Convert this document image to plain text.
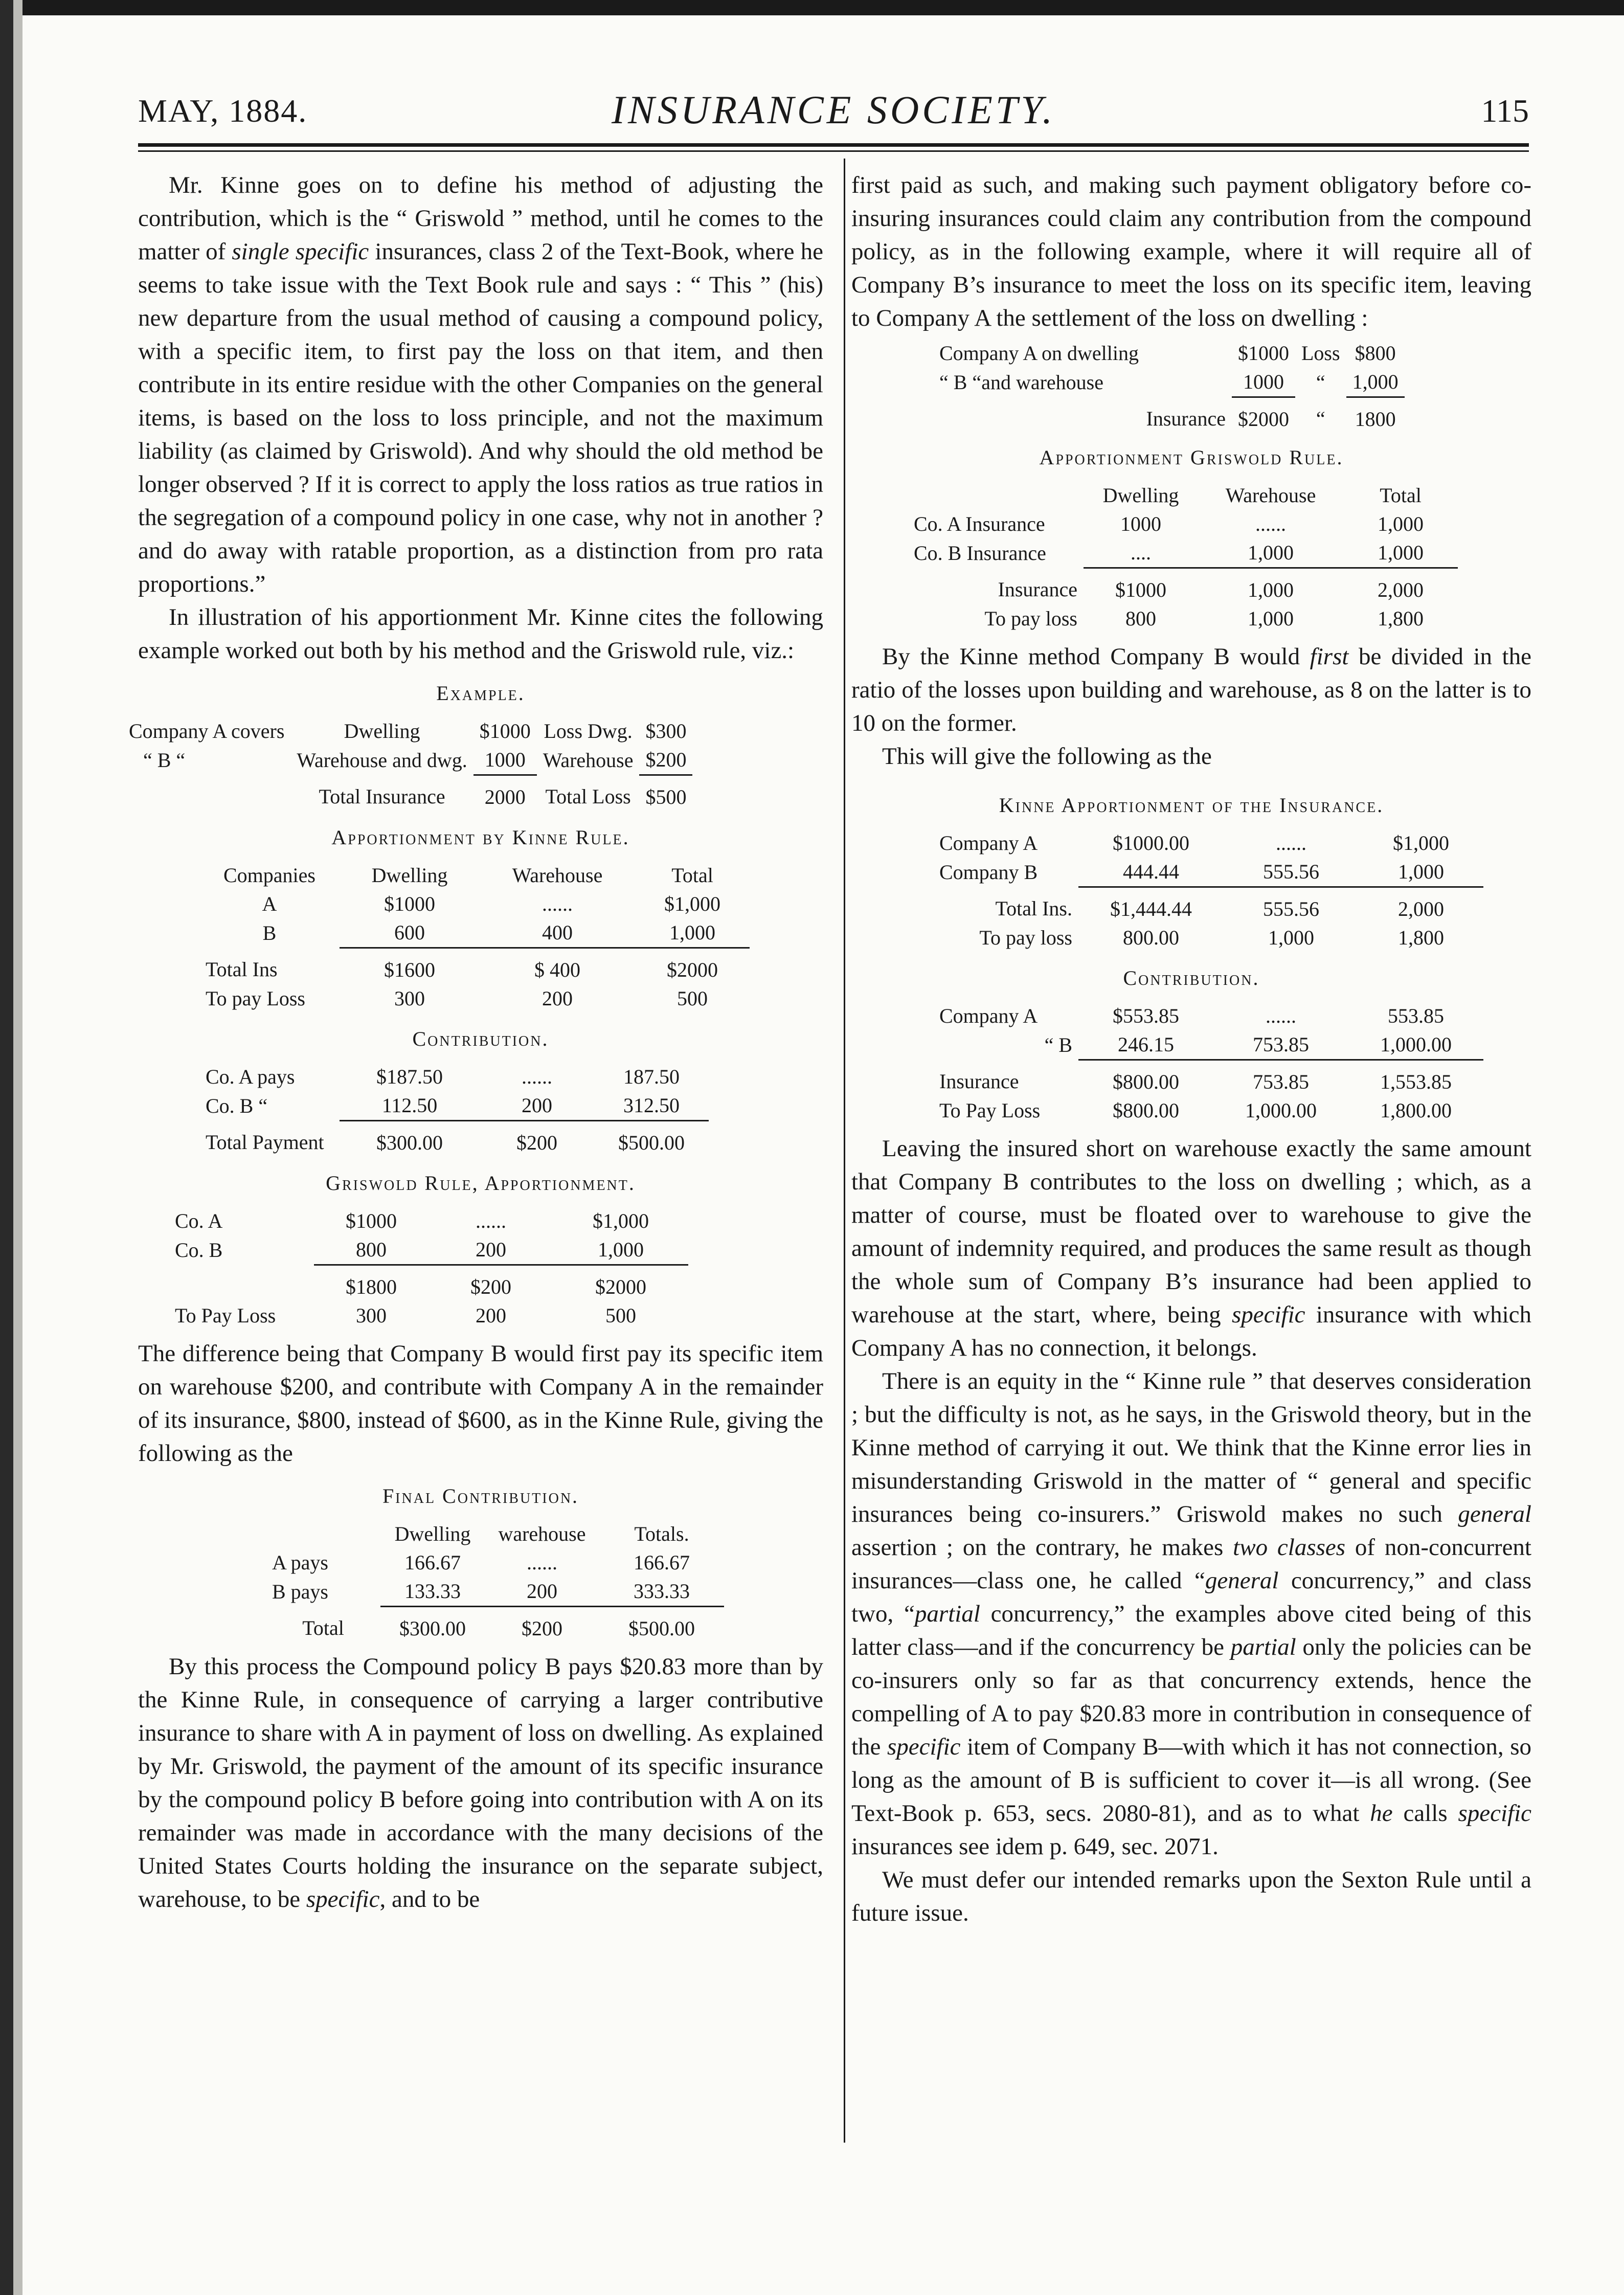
MAY, 1884.	INSURANCE SOCIETY.	115

Mr. Kinne goes on to define his method of adjusting the contribution, which is the “ Griswold ” method, until he comes to the matter of single specific insurances, class 2 of the Text-Book, where he seems to take issue with the Text Book rule and says : “ This ” (his) new departure from the usual method of causing a compound policy, with a specific item, to first pay the loss on that item, and then contribute in its entire residue with the other Companies on the general items, is based on the loss to loss principle, and not the maximum liability (as claimed by Griswold). And why should the old method be longer observed ? If it is correct to apply the loss ratios as true ratios in the segregation of a compound policy in one case, why not in another ? and do away with ratable proportion, as a distinction from pro rata proportions.”

In illustration of his apportionment Mr. Kinne cites the following example worked out both by his method and the Griswold rule, viz.:

Example.
Company A covers	Dwelling	$1000	Loss Dwg.	$300
“ B “	Warehouse and dwg.	1000	Warehouse	$200
	Total Insurance	2000	Total Loss	$500
Apportionment by Kinne Rule.
Companies	Dwelling	Warehouse	Total
A	$1000	......	$1,000
B	600	400	1,000
Total Ins	$1600	$ 400	$2000
To pay Loss	300	200	500
Contribution.
Co. A pays	$187.50	......	187.50
Co. B “	112.50	200	312.50
Total Payment	$300.00	$200	$500.00
Griswold Rule, Apportionment.
Co. A	$1000	......	$1,000
Co. B	800	200	1,000
	$1800	$200	$2000
To Pay Loss	300	200	500

The difference being that Company B would first pay its specific item on warehouse $200, and contribute with Company A in the remainder of its insurance, $800, instead of $600, as in the Kinne Rule, giving the following as the

Final Contribution.
	Dwelling	warehouse	Totals.
A pays	166.67	......	166.67
B pays	133.33	200	333.33
Total	$300.00	$200	$500.00

By this process the Compound policy B pays $20.83 more than by the Kinne Rule, in consequence of carrying a larger contributive insurance to share with A in payment of loss on dwelling. As explained by Mr. Griswold, the payment of the amount of its specific insurance by the compound policy B before going into contribution with A on its remainder was made in accordance with the many decisions of the United States Courts holding the insurance on the separate subject, warehouse, to be specific, and to be

first paid as such, and making such payment obligatory before co-insuring insurances could claim any contribution from the compound policy, as in the following example, where it will require all of Company B’s insurance to meet the loss on its specific item, leaving to Company A the settlement of the loss on dwelling :

Company A on dwelling	$1000	Loss	$800
“ B “and warehouse	1000	“	1,000
Insurance	$2000	“	1800
Apportionment Griswold Rule.
	Dwelling	Warehouse	Total
Co. A Insurance	1000	......	1,000
Co. B Insurance	....	1,000	1,000
Insurance	$1000	1,000	2,000
To pay loss	800	1,000	1,800

By the Kinne method Company B would first be divided in the ratio of the losses upon building and warehouse, as 8 on the latter is to 10 on the former.

This will give the following as the

Kinne Apportionment of the Insurance.
Company A	$1000.00	......	$1,000
Company B	444.44	555.56	1,000
Total Ins.	$1,444.44	555.56	2,000
To pay loss	800.00	1,000	1,800
Contribution.
Company A	$553.85	......	553.85
“ B	246.15	753.85	1,000.00
Insurance	$800.00	753.85	1,553.85
To Pay Loss	$800.00	1,000.00	1,800.00

Leaving the insured short on warehouse exactly the same amount that Company B contributes to the loss on dwelling ; which, as a matter of course, must be floated over to warehouse to give the amount of indemnity required, and produces the same result as though the whole sum of Company B’s insurance had been applied to warehouse at the start, where, being specific insurance with which Company A has no connection, it belongs.

There is an equity in the “ Kinne rule ” that deserves consideration ; but the difficulty is not, as he says, in the Griswold theory, but in the Kinne method of carrying it out. We think that the Kinne error lies in misunderstanding Griswold in the matter of “ general and specific insurances being co-insurers.” Griswold makes no such general assertion ; on the contrary, he makes two classes of non-concurrent insurances—class one, he called “general concurrency,” and class two, “partial concurrency,” the examples above cited being of this latter class—and if the concurrency be partial only the policies can be co-insurers only so far as that concurrency extends, hence the compelling of A to pay $20.83 more in contribution in consequence of the specific item of Company B—with which it has not connection, so long as the amount of B is sufficient to cover it—is all wrong. (See Text-Book p. 653, secs. 2080-81), and as to what he calls specific insurances see idem p. 649, sec. 2071.

We must defer our intended remarks upon the Sexton Rule until a future issue.
